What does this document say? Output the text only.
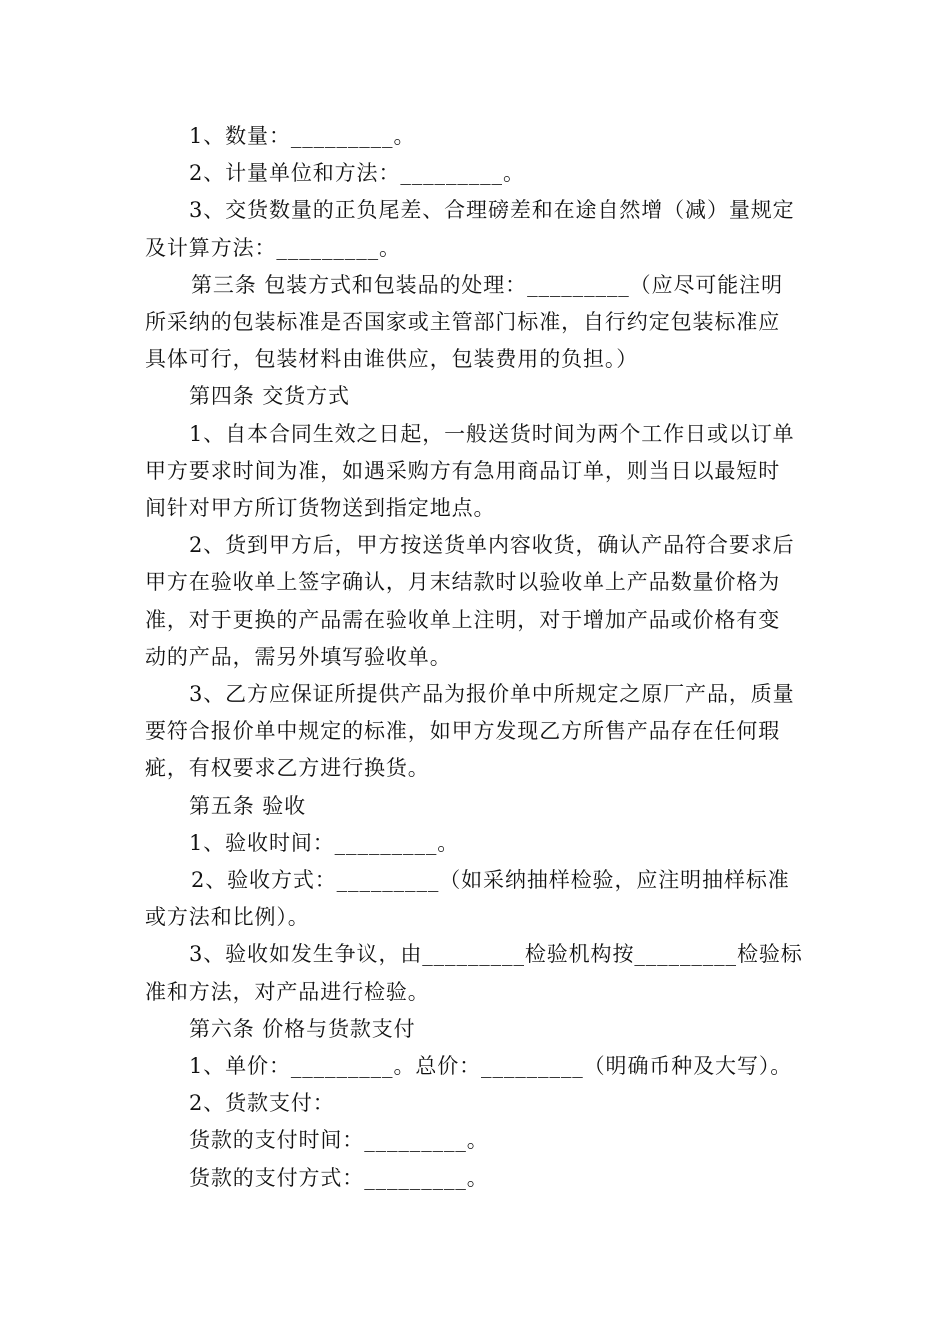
1、数量：_________。
2、计量单位和方法：_________。
3、交货数量的正负尾差、合理磅差和在途自然增（减）量规定
及计算方法：_________。
第三条 包装方式和包装品的处理：_________（应尽可能注明
所采纳的包装标准是否国家或主管部门标准，自行约定包装标准应
具体可行，包装材料由谁供应，包装费用的负担。）
第四条 交货方式
1、自本合同生效之日起，一般送货时间为两个工作日或以订单
甲方要求时间为准，如遇采购方有急用商品订单，则当日以最短时
间针对甲方所订货物送到指定地点。
2、货到甲方后，甲方按送货单内容收货，确认产品符合要求后
甲方在验收单上签字确认，月末结款时以验收单上产品数量价格为
准，对于更换的产品需在验收单上注明，对于增加产品或价格有变
动的产品，需另外填写验收单。
3、乙方应保证所提供产品为报价单中所规定之原厂产品，质量
要符合报价单中规定的标准，如甲方发现乙方所售产品存在任何瑕
疵，有权要求乙方进行换货。
第五条 验收
1、验收时间：_________。
2、验收方式：_________（如采纳抽样检验，应注明抽样标准
或方法和比例）。
3、验收如发生争议，由_________检验机构按_________检验标
准和方法，对产品进行检验。
第六条 价格与货款支付
1、单价：_________。总价：_________（明确币种及大写）。
2、货款支付：
货款的支付时间：_________。
货款的支付方式：_________。
